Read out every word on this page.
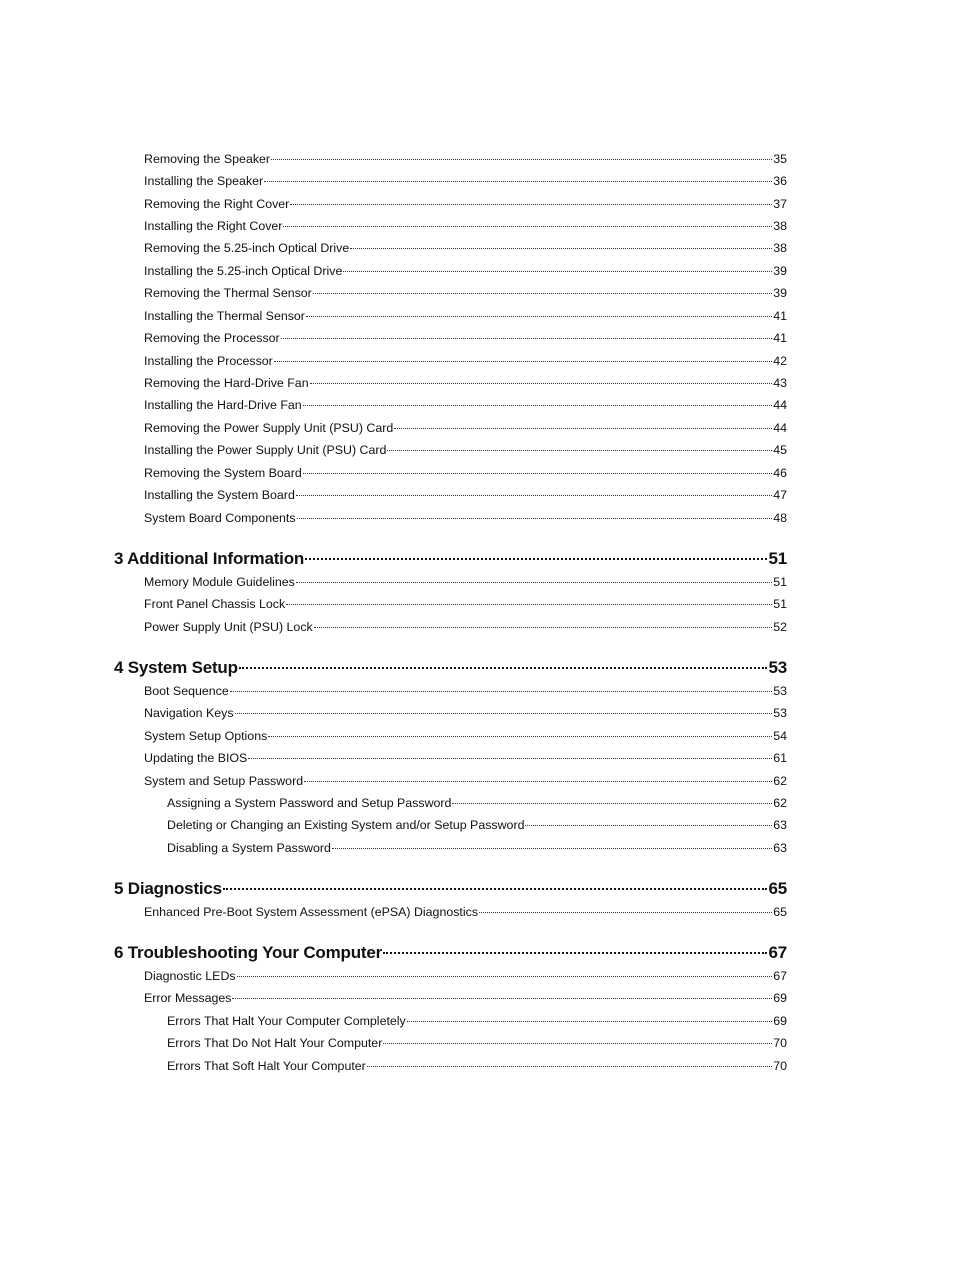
Removing the Speaker	35
Installing the Speaker	36
Removing the Right Cover	37
Installing the Right Cover	38
Removing the 5.25-inch Optical Drive	38
Installing the 5.25-inch Optical Drive	39
Removing the Thermal Sensor	39
Installing the Thermal Sensor	41
Removing the Processor	41
Installing the Processor	42
Removing the Hard-Drive Fan	43
Installing the Hard-Drive Fan	44
Removing the Power Supply Unit (PSU) Card	44
Installing the Power Supply Unit (PSU) Card	45
Removing the System Board	46
Installing the System Board	47
System Board Components	48
3 Additional Information	51
Memory Module Guidelines	51
Front Panel Chassis Lock	51
Power Supply Unit (PSU) Lock	52
4 System Setup	53
Boot Sequence	53
Navigation Keys	53
System Setup Options	54
Updating the BIOS	61
System and Setup Password	62
Assigning a System Password and Setup Password	62
Deleting or Changing an Existing System and/or Setup Password	63
Disabling a System Password	63
5 Diagnostics	65
Enhanced Pre-Boot System Assessment (ePSA) Diagnostics	65
6 Troubleshooting Your Computer	67
Diagnostic LEDs	67
Error Messages	69
Errors That Halt Your Computer Completely	69
Errors That Do Not Halt Your Computer	70
Errors That Soft Halt Your Computer	70
